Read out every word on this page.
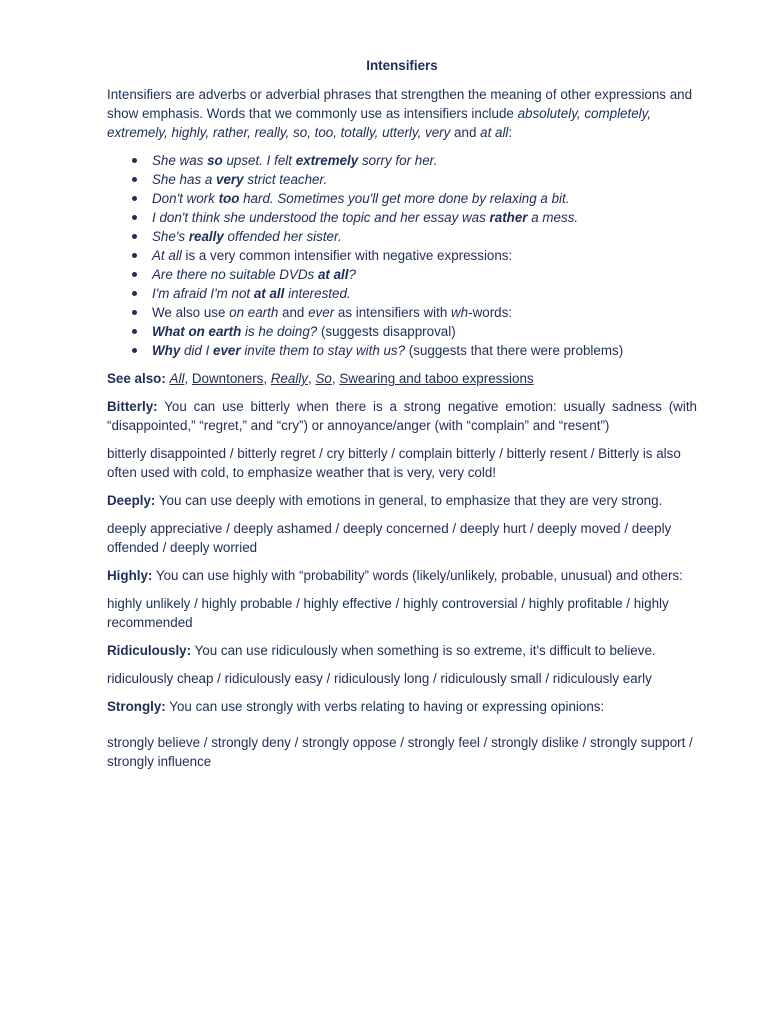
Intensifiers

Intensifiers are adverbs or adverbial phrases that strengthen the meaning of other expressions and show emphasis. Words that we commonly use as intensifiers include absolutely, completely, extremely, highly, rather, really, so, too, totally, utterly, very and at all:

She was so upset. I felt extremely sorry for her.
She has a very strict teacher.
Don't work too hard. Sometimes you'll get more done by relaxing a bit.
I don't think she understood the topic and her essay was rather a mess.
She's really offended her sister.
At all is a very common intensifier with negative expressions:
Are there no suitable DVDs at all?
I'm afraid I'm not at all interested.
We also use on earth and ever as intensifiers with wh-words:
What on earth is he doing? (suggests disapproval)
Why did I ever invite them to stay with us? (suggests that there were problems)

See also: All, Downtoners, Really, So, Swearing and taboo expressions

Bitterly: You can use bitterly when there is a strong negative emotion: usually sadness (with “disappointed,” “regret,” and “cry”) or annoyance/anger (with “complain” and “resent”)

bitterly disappointed / bitterly regret / cry bitterly / complain bitterly / bitterly resent / Bitterly is also often used with cold, to emphasize weather that is very, very cold!

Deeply: You can use deeply with emotions in general, to emphasize that they are very strong.

deeply appreciative / deeply ashamed / deeply concerned / deeply hurt / deeply moved / deeply offended / deeply worried

Highly: You can use highly with “probability” words (likely/unlikely, probable, unusual) and others:

highly unlikely / highly probable / highly effective / highly controversial / highly profitable / highly recommended

Ridiculously: You can use ridiculously when something is so extreme, it's difficult to believe.

ridiculously cheap / ridiculously easy / ridiculously long / ridiculously small / ridiculously early

Strongly: You can use strongly with verbs relating to having or expressing opinions:

strongly believe / strongly deny / strongly oppose / strongly feel / strongly dislike / strongly support / strongly influence
